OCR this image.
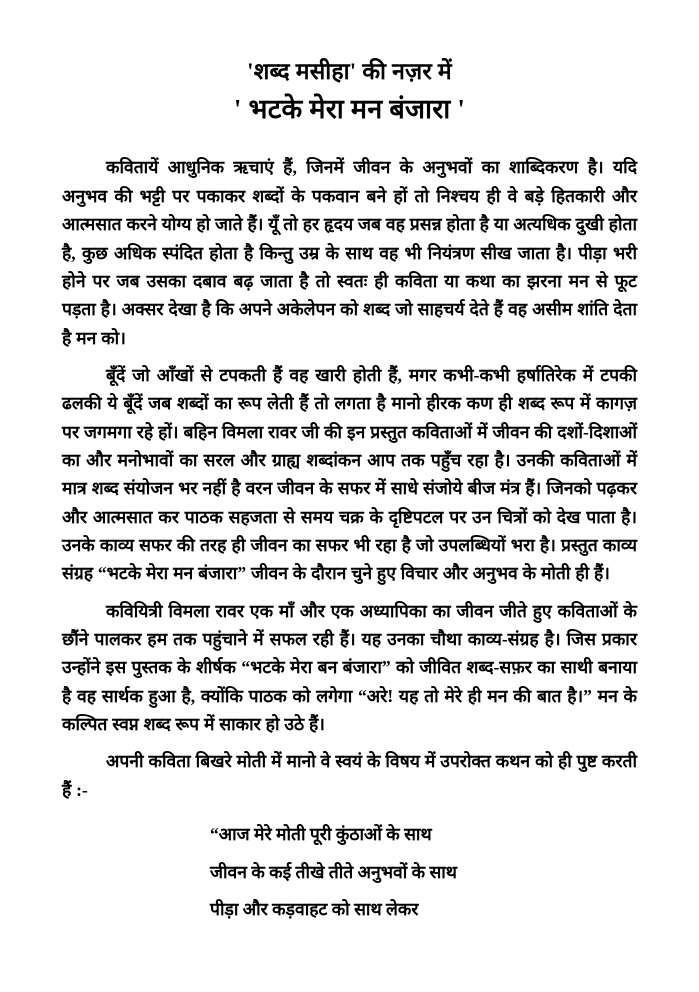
'शब्द मसीहा' की नज़र में
' भटके मेरा मन बंजारा '

कवितायें आधुनिक ऋचाएं हैं, जिनमें जीवन के अनुभवों का शाब्दिकरण है। यदि अनुभव की भट्टी पर पकाकर शब्दों के पकवान बने हों तो निश्चय ही वे बड़े हितकारी और आत्मसात करने योग्य हो जाते हैं। यूँ तो हर हृदय जब वह प्रसन्न होता है या अत्यधिक दुखी होता है, कुछ अधिक स्पंदित होता है किन्तु उम्र के साथ वह भी नियंत्रण सीख जाता है। पीड़ा भरी होने पर जब उसका दबाव बढ़ जाता है तो स्वतः ही कविता या कथा का झरना मन से फूट पड़ता है। अक्सर देखा है कि अपने अकेलेपन को शब्द जो साहचर्य देते हैं वह असीम शांति देता है मन को।

बूँदें जो आँखों से टपकती हैं वह खारी होती हैं, मगर कभी-कभी हर्षातिरेक में टपकी ढलकी ये बूँदें जब शब्दों का रूप लेती हैं तो लगता है मानो हीरक कण ही शब्द रूप में कागज़ पर जगमगा रहे हों। बहिन विमला रावर जी की इन प्रस्तुत कविताओं में जीवन की दशों-दिशाओं का और मनोभावों का सरल और ग्राह्य शब्दांकन आप तक पहुँच रहा है। उनकी कविताओं में मात्र शब्द संयोजन भर नहीं है वरन जीवन के सफर में साधे संजोये बीज मंत्र हैं। जिनको पढ़कर और आत्मसात कर पाठक सहजता से समय चक्र के दृष्टिपटल पर उन चित्रों को देख पाता है। उनके काव्य सफर की तरह ही जीवन का सफर भी रहा है जो उपलब्धियों भरा है। प्रस्तुत काव्य संग्रह “भटके मेरा मन बंजारा” जीवन के दौरान चुने हुए विचार और अनुभव के मोती ही हैं।

कवियित्री विमला रावर एक माँ और एक अध्यापिका का जीवन जीते हुए कविताओं के छौंने पालकर हम तक पहुंचाने में सफल रही हैं। यह उनका चौथा काव्य-संग्रह है। जिस प्रकार उन्होंने इस पुस्तक के शीर्षक “भटके मेरा बन बंजारा” को जीवित शब्द-सफ़र का साथी बनाया है वह सार्थक हुआ है, क्योंकि पाठक को लगेगा “अरे! यह तो मेरे ही मन की बात है।” मन के कल्पित स्वप्न शब्द रूप में साकार हो उठे हैं।

अपनी कविता बिखरे मोती में मानो वे स्वयं के विषय में उपरोक्त कथन को ही पुष्ट करती हैं :-

“आज मेरे मोती पूरी कुंठाओं के साथ
जीवन के कई तीखे तीते अनुभवों के साथ
पीड़ा और कड़वाहट को साथ लेकर
